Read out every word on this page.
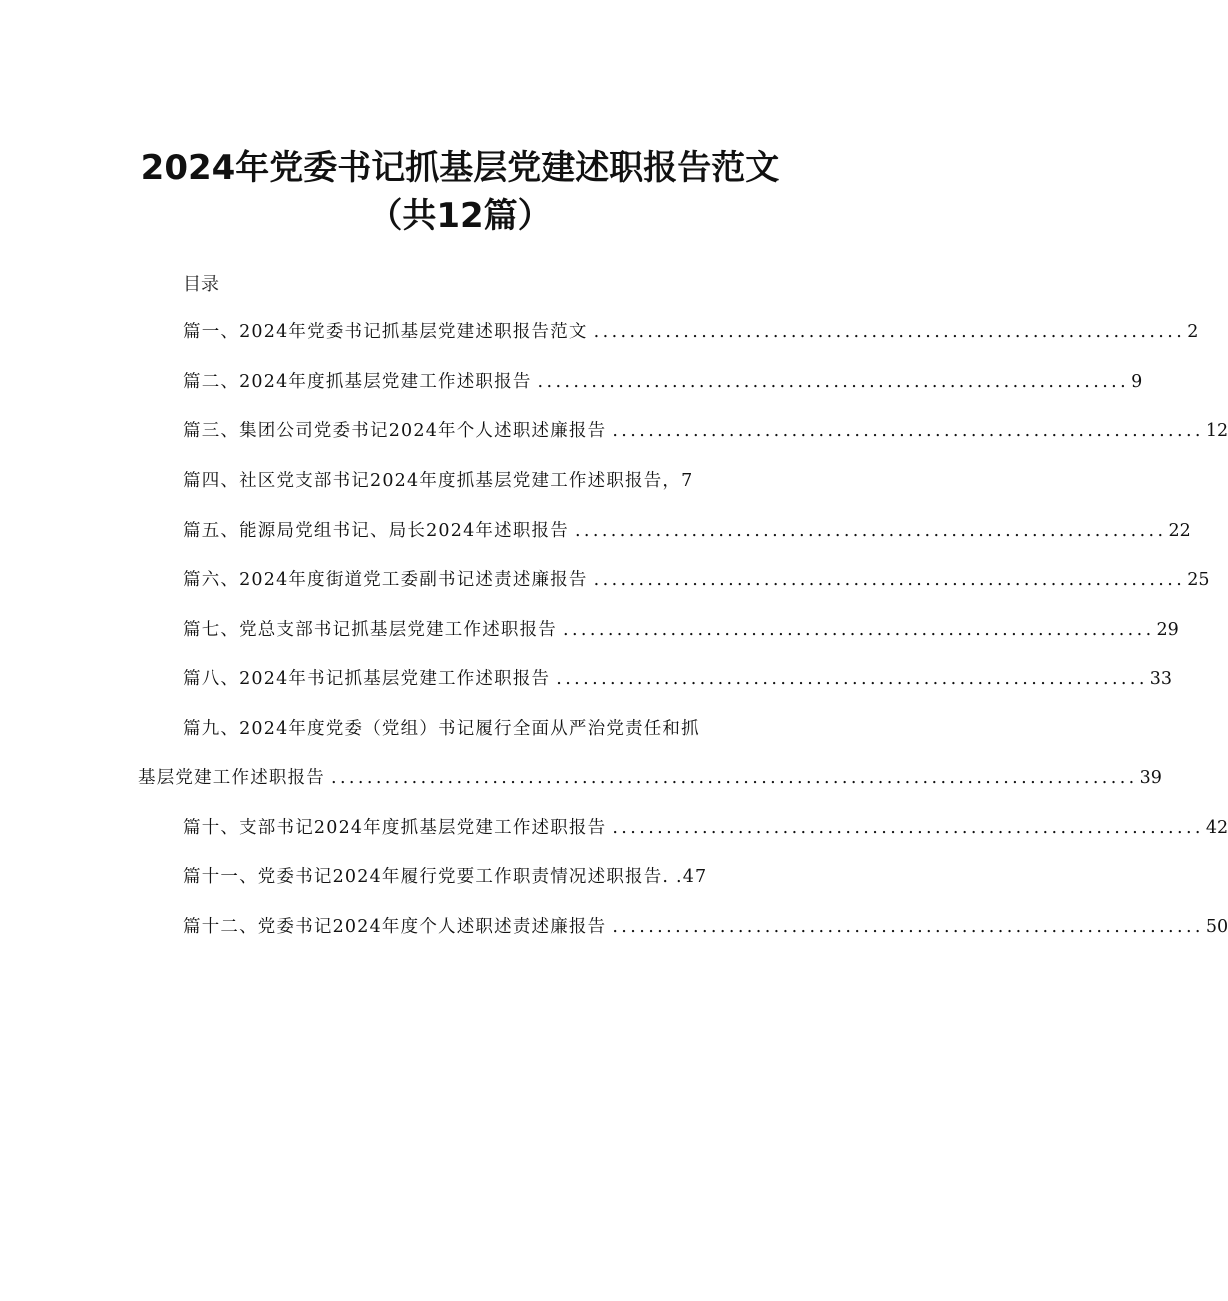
2024年党委书记抓基层党建述职报告范文
（共12篇）
目录
篇一、2024年党委书记抓基层党建述职报告范文 .................................................................. 2
篇二、2024年度抓基层党建工作述职报告 .................................................................. 9
篇三、集团公司党委书记2024年个人述职述廉报告 .................................................................. 12
篇四、社区党支部书记2024年度抓基层党建工作述职报告，7
篇五、能源局党组书记、局长2024年述职报告 .................................................................. 22
篇六、2024年度街道党工委副书记述责述廉报告 .................................................................. 25
篇七、党总支部书记抓基层党建工作述职报告 .................................................................. 29
篇八、2024年书记抓基层党建工作述职报告 .................................................................. 33
篇九、2024年度党委（党组）书记履行全面从严治党责任和抓
基层党建工作述职报告 .......................................................................................... 39
篇十、支部书记2024年度抓基层党建工作述职报告 .................................................................. 42
篇十一、党委书记2024年履行党要工作职责情况述职报告. .47
篇十二、党委书记2024年度个人述职述责述廉报告 .................................................................. 50
